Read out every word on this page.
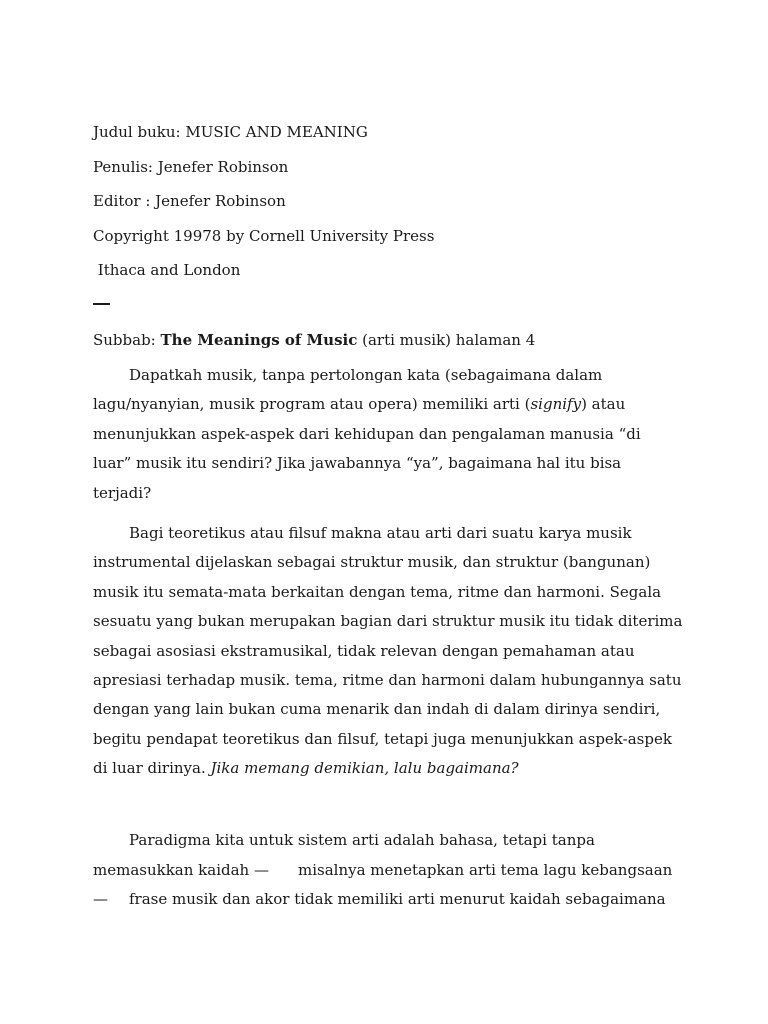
Judul buku: MUSIC AND MEANING
Penulis: Jenefer Robinson
Editor : Jenefer Robinson
Copyright 19978 by Cornell University Press
Ithaca and London
Subbab: The Meanings of Music (arti musik) halaman 4
Dapatkah musik, tanpa pertolongan kata (sebagaimana dalam lagu/nyanyian, musik program atau opera) memiliki arti (signify) atau menunjukkan aspek-aspek dari kehidupan dan pengalaman manusia “di luar” musik itu sendiri? Jika jawabannya “ya”, bagaimana hal itu bisa terjadi?
Bagi teoretikus atau filsuf makna atau arti dari suatu karya musik instrumental dijelaskan sebagai struktur musik, dan struktur (bangunan) musik itu semata-mata berkaitan dengan tema, ritme dan harmoni. Segala sesuatu yang bukan merupakan bagian dari struktur musik itu tidak diterima sebagai asosiasi ekstramusikal, tidak relevan dengan pemahaman atau apresiasi terhadap musik. tema, ritme dan harmoni dalam hubungannya satu dengan yang lain bukan cuma menarik dan indah di dalam dirinya sendiri, begitu pendapat teoretikus dan filsuf, tetapi juga menunjukkan aspek-aspek di luar dirinya. Jika memang demikian, lalu bagaimana?
Paradigma kita untuk sistem arti adalah bahasa, tetapi tanpa
memasukkan kaidah — misalnya menetapkan arti tema lagu kebangsaan
— frase musik dan akor tidak memiliki arti menurut kaidah sebagaimana
